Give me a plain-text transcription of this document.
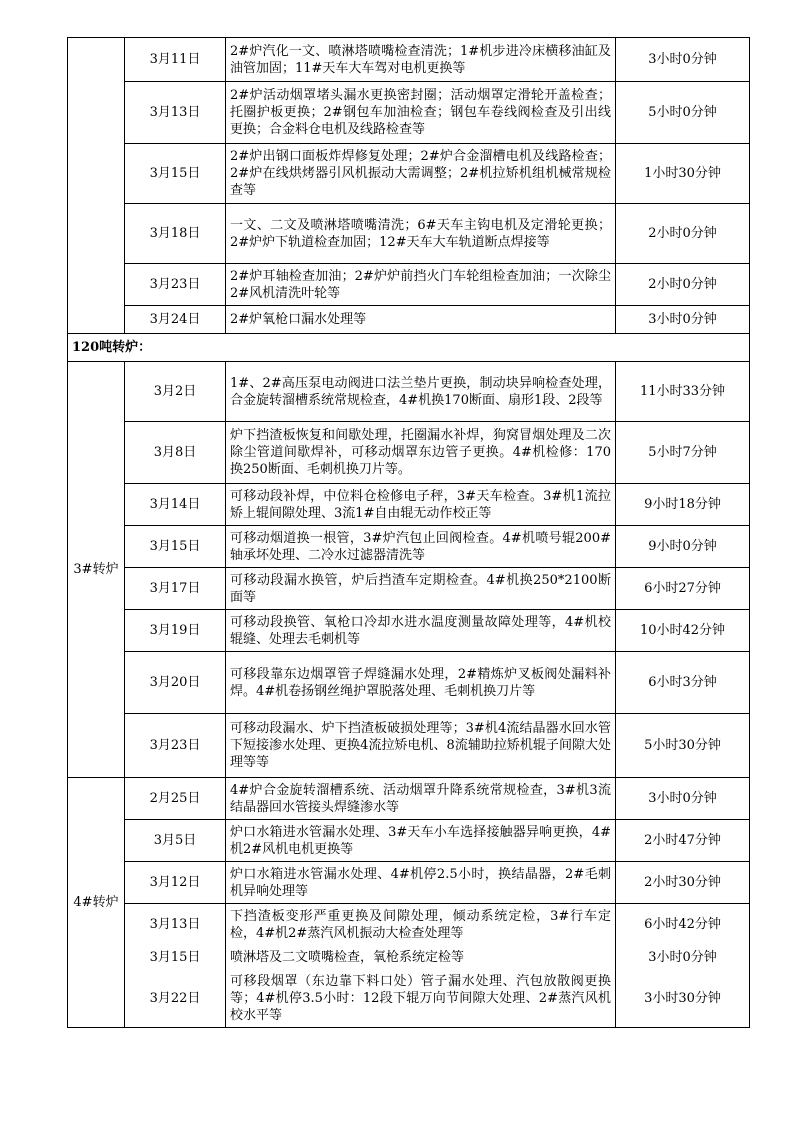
	3月11日	2#炉汽化一文、喷淋塔喷嘴检查清洗；1#机步进冷床横移油缸及油管加固；11#天车大车驾对电机更换等	3小时0分钟
	3月13日	2#炉活动烟罩堵头漏水更换密封圈；活动烟罩定滑轮开盖检查；托圈护板更换；2#钢包车加油检查；钢包车卷线阀检查及引出线更换；合金料仓电机及线路检查等	5小时0分钟
	3月15日	2#炉出钢口面板炸焊修复处理；2#炉合金溜槽电机及线路检查；2#炉在线烘烤器引风机振动大需调整；2#机拉矫机组机械常规检查等	1小时30分钟
	3月18日	一文、二文及喷淋塔喷嘴清洗；6#天车主钩电机及定滑轮更换；2#炉炉下轨道检查加固；12#天车大车轨道断点焊接等	2小时0分钟
	3月23日	2#炉耳轴检查加油；2#炉炉前挡火门车轮组检查加油；一次除尘2#风机清洗叶轮等	2小时0分钟
	3月24日	2#炉氧枪口漏水处理等	3小时0分钟
120吨转炉：			
3#转炉	3月2日	1#、2#高压泵电动阀进口法兰垫片更换，制动块异响检查处理，合金旋转溜槽系统常规检查，4#机换170断面、扇形1段、2段等	11小时33分钟
	3月8日	炉下挡渣板恢复和间歇处理，托圈漏水补焊，狗窝冒烟处理及二次除尘管道间歇焊补，可移动烟罩东边管子更换。4#机检修：170换250断面、毛刺机换刀片等。	5小时7分钟
	3月14日	可移动段补焊，中位料仓检修电子秤，3#天车检查。3#机1流拉矫上辊间隙处理、3流1#自由辊无动作校正等	9小时18分钟
	3月15日	可移动烟道换一根管，3#炉汽包止回阀检查。4#机喷号辊200#轴承坏处理、二冷水过滤器清洗等	9小时0分钟
	3月17日	可移动段漏水换管，炉后挡渣车定期检查。4#机换250*2100断面等	6小时27分钟
	3月19日	可移动段换管、氧枪口冷却水进水温度测量故障处理等，4#机校辊缝、处理去毛刺机等	10小时42分钟
	3月20日	可移段靠东边烟罩管子焊缝漏水处理，2#精炼炉叉板阀处漏料补焊。4#机卷扬钢丝绳护罩脱落处理、毛刺机换刀片等	6小时3分钟
	3月23日	可移动段漏水、炉下挡渣板破损处理等；3#机4流结晶器水回水管下短接渗水处理、更换4流拉矫电机、8流辅助拉矫机辊子间隙大处理等等	5小时30分钟
4#转炉	2月25日	4#炉合金旋转溜槽系统、活动烟罩升降系统常规检查，3#机3流结晶器回水管接头焊缝渗水等	3小时0分钟
	3月5日	炉口水箱进水管漏水处理、3#天车小车选择接触器异响更换，4#机2#风机电机更换等	2小时47分钟
	3月12日	炉口水箱进水管漏水处理、4#机停2.5小时，换结晶器，2#毛刺机异响处理等	2小时30分钟
	3月13日	下挡渣板变形严重更换及间隙处理，倾动系统定检，3#行车定检，4#机2#蒸汽风机振动大检查处理等	6小时42分钟
	3月15日	喷淋塔及二文喷嘴检查，氧枪系统定检等	3小时0分钟
	3月22日	可移段烟罩（东边靠下料口处）管子漏水处理、汽包放散阀更换等；4#机停3.5小时：12段下辊万向节间隙大处理、2#蒸汽风机校水平等	3小时30分钟
